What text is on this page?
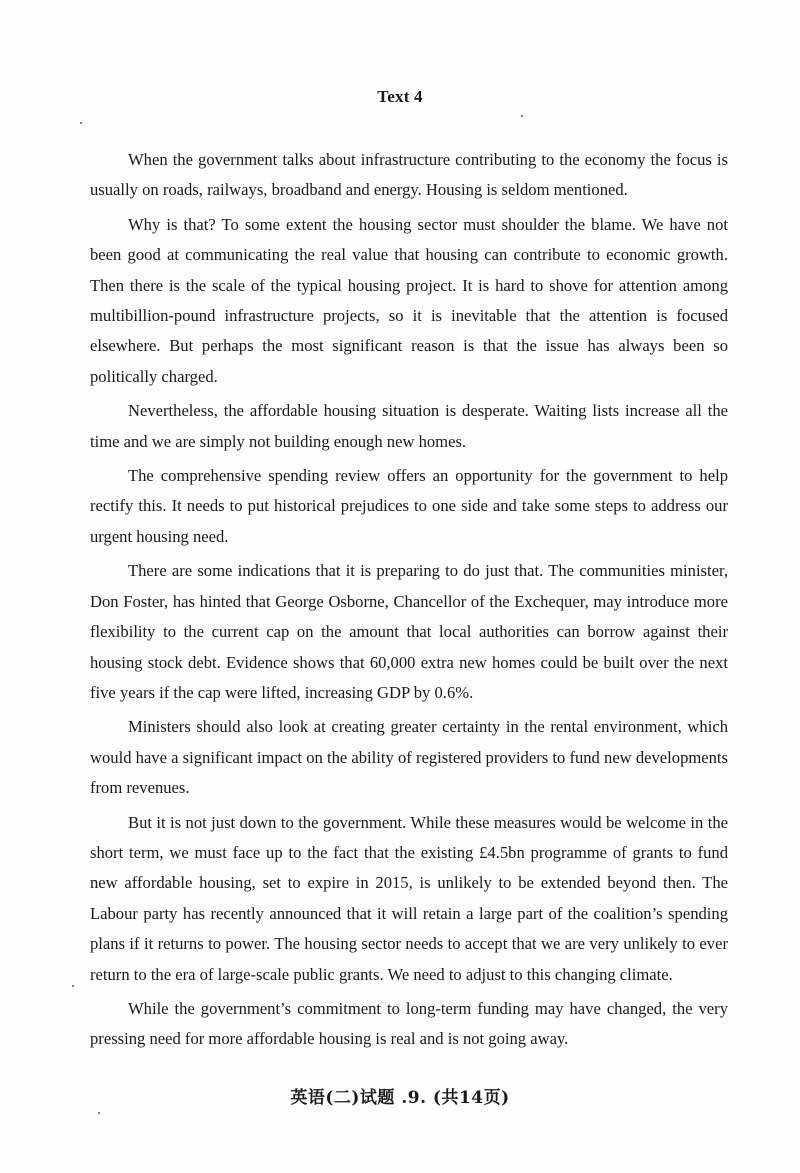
Text 4

When the government talks about infrastructure contributing to the economy the focus is usually on roads, railways, broadband and energy. Housing is seldom mentioned.

Why is that? To some extent the housing sector must shoulder the blame. We have not been good at communicating the real value that housing can contribute to economic growth. Then there is the scale of the typical housing project. It is hard to shove for attention among multibillion-pound infrastructure projects, so it is inevitable that the attention is focused elsewhere. But perhaps the most significant reason is that the issue has always been so politically charged.

Nevertheless, the affordable housing situation is desperate. Waiting lists increase all the time and we are simply not building enough new homes.

The comprehensive spending review offers an opportunity for the government to help rectify this. It needs to put historical prejudices to one side and take some steps to address our urgent housing need.

There are some indications that it is preparing to do just that. The communities minister, Don Foster, has hinted that George Osborne, Chancellor of the Exchequer, may introduce more flexibility to the current cap on the amount that local authorities can borrow against their housing stock debt. Evidence shows that 60,000 extra new homes could be built over the next five years if the cap were lifted, increasing GDP by 0.6%.

Ministers should also look at creating greater certainty in the rental environment, which would have a significant impact on the ability of registered providers to fund new developments from revenues.

But it is not just down to the government. While these measures would be welcome in the short term, we must face up to the fact that the existing £4.5bn programme of grants to fund new affordable housing, set to expire in 2015, is unlikely to be extended beyond then. The Labour party has recently announced that it will retain a large part of the coalition’s spending plans if it returns to power. The housing sector needs to accept that we are very unlikely to ever return to the era of large-scale public grants. We need to adjust to this changing climate.

While the government’s commitment to long-term funding may have changed, the very pressing need for more affordable housing is real and is not going away.

英语(二)试题 .9. (共14页)
